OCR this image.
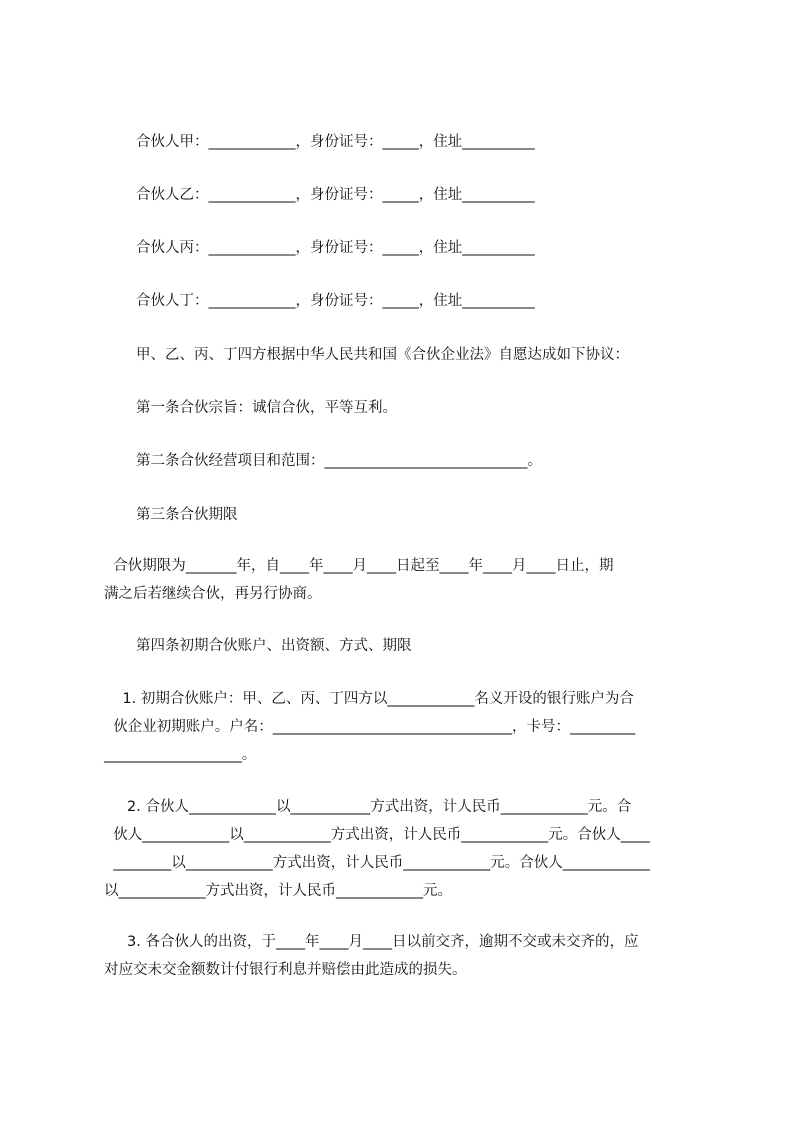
合伙人甲：____________，身份证号：_____，住址__________
合伙人乙：____________，身份证号：_____，住址__________
合伙人丙：____________，身份证号：_____，住址__________
合伙人丁：____________，身份证号：_____，住址__________
甲、乙、丙、丁四方根据中华人民共和国《合伙企业法》自愿达成如下协议：
第一条合伙宗旨：诚信合伙，平等互利。
第二条合伙经营项目和范围：____________________________。
第三条合伙期限

合伙期限为_______年，自____年____月____日起至____年____月____日止，期

满之后若继续合伙，再另行协商。

第四条初期合伙账户、出资额、方式、期限

1. 初期合伙账户：甲、乙、丙、丁四方以____________名义开设的银行账户为合

伙企业初期账户。户名：_________________________________，卡号：_________

___________________。

2. 合伙人____________以___________方式出资，计人民币____________元。合

伙人____________以____________方式出资，计人民币____________元。合伙人____

________以____________方式出资，计人民币____________元。合伙人____________

以____________方式出资，计人民币____________元。

3. 各合伙人的出资，于____年____月____日以前交齐，逾期不交或未交齐的，应

对应交未交金额数计付银行利息并赔偿由此造成的损失。
